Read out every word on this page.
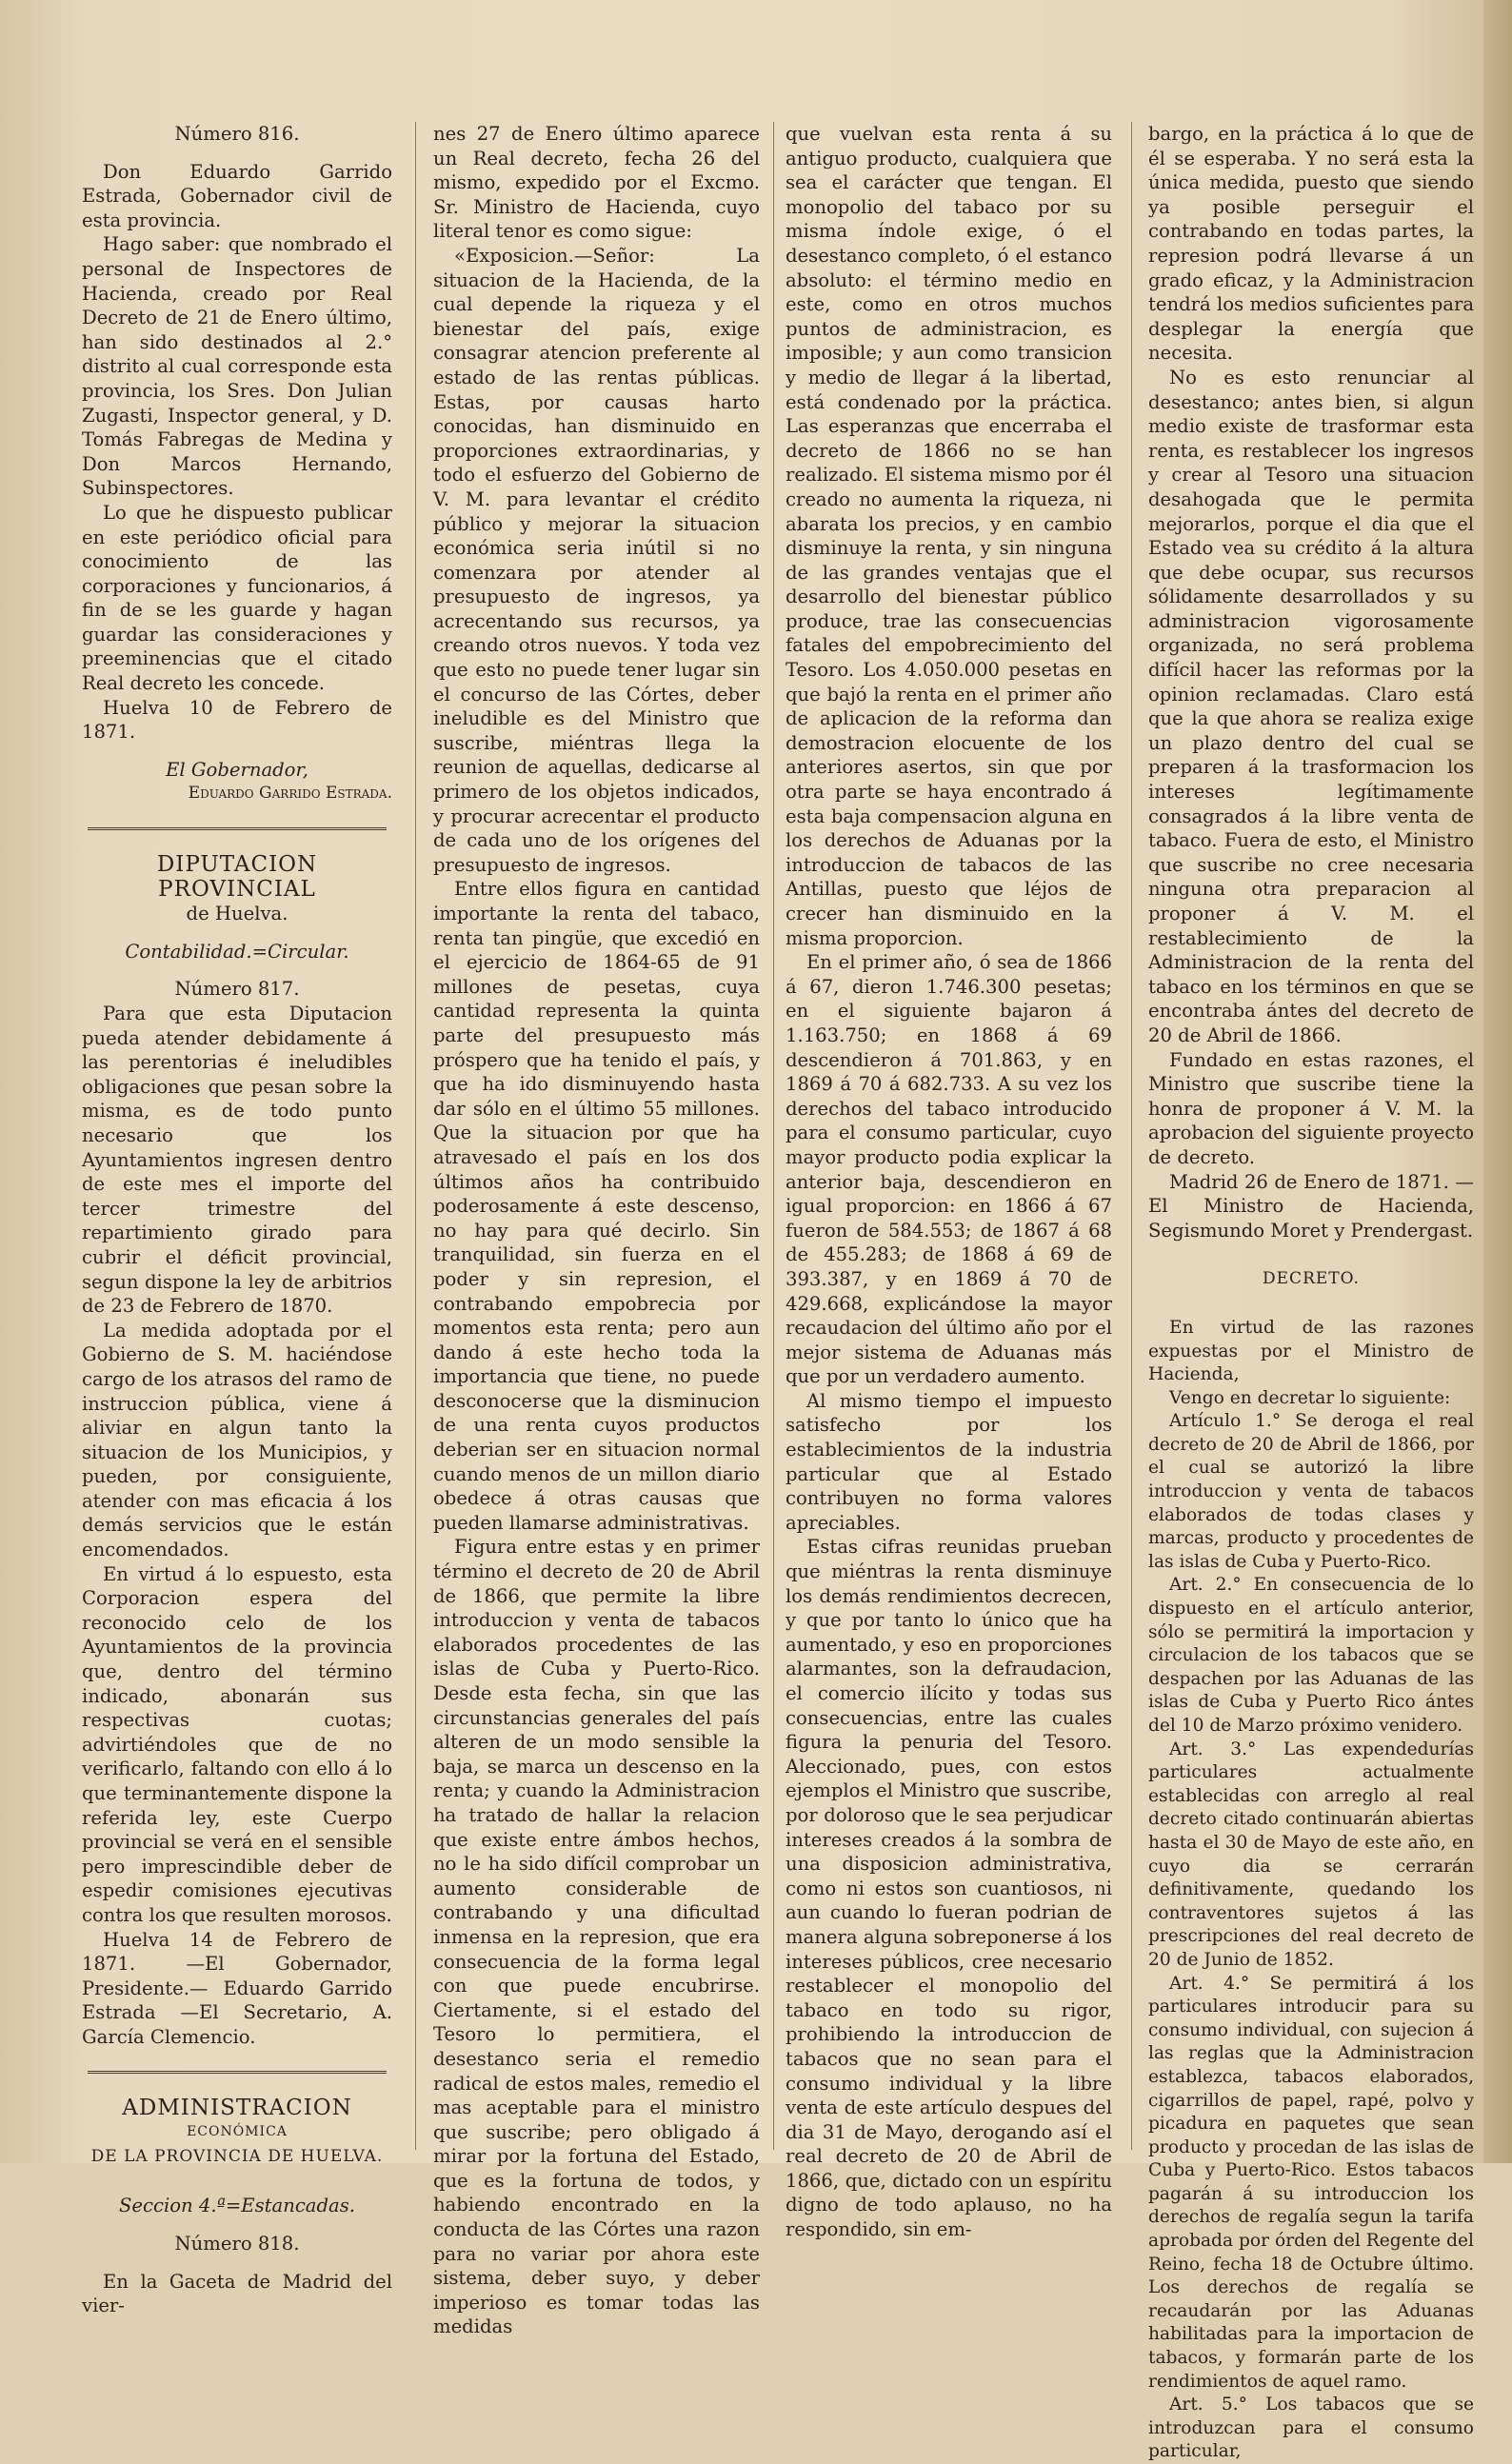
Número 816.

Don Eduardo Garrido Estrada, Gobernador civil de esta provincia.

Hago saber: que nombrado el personal de Inspectores de Hacienda, creado por Real Decreto de 21 de Enero último, han sido destinados al 2.° distrito al cual corresponde esta provincia, los Sres. Don Julian Zugasti, Inspector general, y D. Tomás Fabregas de Medina y Don Marcos Hernando, Subinspectores.

Lo que he dispuesto publicar en este periódico oficial para conocimiento de las corporaciones y funcionarios, á fin de se les guarde y hagan guardar las consideraciones y preeminencias que el citado Real decreto les concede.

Huelva 10 de Febrero de 1871.

El Gobernador,

Eduardo Garrido Estrada.

DIPUTACION PROVINCIAL

de Huelva.

Contabilidad.=Circular.

Número 817.

Para que esta Diputacion pueda atender debidamente á las perentorias é ineludibles obligaciones que pesan sobre la misma, es de todo punto necesario que los Ayuntamientos ingresen dentro de este mes el importe del tercer trimestre del repartimiento girado para cubrir el déficit provincial, segun dispone la ley de arbitrios de 23 de Febrero de 1870.

La medida adoptada por el Gobierno de S. M. haciéndose cargo de los atrasos del ramo de instruccion pública, viene á aliviar en algun tanto la situacion de los Municipios, y pueden, por consiguiente, atender con mas eficacia á los demás servicios que le están encomendados.

En virtud á lo espuesto, esta Corporacion espera del reconocido celo de los Ayuntamientos de la provincia que, dentro del término indicado, abonarán sus respectivas cuotas; advirtiéndoles que de no verificarlo, faltando con ello á lo que terminantemente dispone la referida ley, este Cuerpo provincial se verá en el sensible pero imprescindible deber de espedir comisiones ejecutivas contra los que resulten morosos.

Huelva 14 de Febrero de 1871. —El Gobernador, Presidente.— Eduardo Garrido Estrada —El Secretario, A. García Clemencio.

ADMINISTRACION

ECONÓMICA

DE LA PROVINCIA DE HUELVA.

Seccion 4.ª=Estancadas.

Número 818.

En la Gaceta de Madrid del vier-

nes 27 de Enero último aparece un Real decreto, fecha 26 del mismo, expedido por el Excmo. Sr. Ministro de Hacienda, cuyo literal tenor es como sigue:

«Exposicion.—Señor: La situacion de la Hacienda, de la cual depende la riqueza y el bienestar del país, exige consagrar atencion preferente al estado de las rentas públicas. Estas, por causas harto conocidas, han disminuido en proporciones extraordinarias, y todo el esfuerzo del Gobierno de V. M. para levantar el crédito público y mejorar la situacion económica seria inútil si no comenzara por atender al presupuesto de ingresos, ya acrecentando sus recursos, ya creando otros nuevos. Y toda vez que esto no puede tener lugar sin el concurso de las Córtes, deber ineludible es del Ministro que suscribe, miéntras llega la reunion de aquellas, dedicarse al primero de los objetos indicados, y procurar acrecentar el producto de cada uno de los orígenes del presupuesto de ingresos.

Entre ellos figura en cantidad importante la renta del tabaco, renta tan pingüe, que excedió en el ejercicio de 1864-65 de 91 millones de pesetas, cuya cantidad representa la quinta parte del presupuesto más próspero que ha tenido el país, y que ha ido disminuyendo hasta dar sólo en el último 55 millones. Que la situacion por que ha atravesado el país en los dos últimos años ha contribuido poderosamente á este descenso, no hay para qué decirlo. Sin tranquilidad, sin fuerza en el poder y sin represion, el contrabando empobrecia por momentos esta renta; pero aun dando á este hecho toda la importancia que tiene, no puede desconocerse que la disminucion de una renta cuyos productos deberian ser en situacion normal cuando menos de un millon diario obedece á otras causas que pueden llamarse administrativas.

Figura entre estas y en primer término el decreto de 20 de Abril de 1866, que permite la libre introduccion y venta de tabacos elaborados procedentes de las islas de Cuba y Puerto-Rico. Desde esta fecha, sin que las circunstancias generales del país alteren de un modo sensible la baja, se marca un descenso en la renta; y cuando la Administracion ha tratado de hallar la relacion que existe entre ámbos hechos, no le ha sido difícil comprobar un aumento considerable de contrabando y una dificultad inmensa en la represion, que era consecuencia de la forma legal con que puede encubrirse. Ciertamente, si el estado del Tesoro lo permitiera, el desestanco seria el remedio radical de estos males, remedio el mas aceptable para el ministro que suscribe; pero obligado á mirar por la fortuna del Estado, que es la fortuna de todos, y habiendo encontrado en la conducta de las Córtes una razon para no variar por ahora este sistema, deber suyo, y deber imperioso es tomar todas las medidas

que vuelvan esta renta á su antiguo producto, cualquiera que sea el carácter que tengan. El monopolio del tabaco por su misma índole exige, ó el desestanco completo, ó el estanco absoluto: el término medio en este, como en otros muchos puntos de administracion, es imposible; y aun como transicion y medio de llegar á la libertad, está condenado por la práctica. Las esperanzas que encerraba el decreto de 1866 no se han realizado. El sistema mismo por él creado no aumenta la riqueza, ni abarata los precios, y en cambio disminuye la renta, y sin ninguna de las grandes ventajas que el desarrollo del bienestar público produce, trae las consecuencias fatales del empobrecimiento del Tesoro. Los 4.050.000 pesetas en que bajó la renta en el primer año de aplicacion de la reforma dan demostracion elocuente de los anteriores asertos, sin que por otra parte se haya encontrado á esta baja compensacion alguna en los derechos de Aduanas por la introduccion de tabacos de las Antillas, puesto que léjos de crecer han disminuido en la misma proporcion.

En el primer año, ó sea de 1866 á 67, dieron 1.746.300 pesetas; en el siguiente bajaron á 1.163.750; en 1868 á 69 descendieron á 701.863, y en 1869 á 70 á 682.733. A su vez los derechos del tabaco introducido para el consumo particular, cuyo mayor producto podia explicar la anterior baja, descendieron en igual proporcion: en 1866 á 67 fueron de 584.553; de 1867 á 68 de 455.283; de 1868 á 69 de 393.387, y en 1869 á 70 de 429.668, explicándose la mayor recaudacion del último año por el mejor sistema de Aduanas más que por un verdadero aumento.

Al mismo tiempo el impuesto satisfecho por los establecimientos de la industria particular que al Estado contribuyen no forma valores apreciables.

Estas cifras reunidas prueban que miéntras la renta disminuye los demás rendimientos decrecen, y que por tanto lo único que ha aumentado, y eso en proporciones alarmantes, son la defraudacion, el comercio ilícito y todas sus consecuencias, entre las cuales figura la penuria del Tesoro. Aleccionado, pues, con estos ejemplos el Ministro que suscribe, por doloroso que le sea perjudicar intereses creados á la sombra de una disposicion administrativa, como ni estos son cuantiosos, ni aun cuando lo fueran podrian de manera alguna sobreponerse á los intereses públicos, cree necesario restablecer el monopolio del tabaco en todo su rigor, prohibiendo la introduccion de tabacos que no sean para el consumo individual y la libre venta de este artículo despues del dia 31 de Mayo, derogando así el real decreto de 20 de Abril de 1866, que, dictado con un espíritu digno de todo aplauso, no ha respondido, sin em-

bargo, en la práctica á lo que de él se esperaba. Y no será esta la única medida, puesto que siendo ya posible perseguir el contrabando en todas partes, la represion podrá llevarse á un grado eficaz, y la Administracion tendrá los medios suficientes para desplegar la energía que necesita.

No es esto renunciar al desestanco; antes bien, si algun medio existe de trasformar esta renta, es restablecer los ingresos y crear al Tesoro una situacion desahogada que le permita mejorarlos, porque el dia que el Estado vea su crédito á la altura que debe ocupar, sus recursos sólidamente desarrollados y su administracion vigorosamente organizada, no será problema difícil hacer las reformas por la opinion reclamadas. Claro está que la que ahora se realiza exige un plazo dentro del cual se preparen á la trasformacion los intereses legítimamente consagrados á la libre venta de tabaco. Fuera de esto, el Ministro que suscribe no cree necesaria ninguna otra preparacion al proponer á V. M. el restablecimiento de la Administracion de la renta del tabaco en los términos en que se encontraba ántes del decreto de 20 de Abril de 1866.

Fundado en estas razones, el Ministro que suscribe tiene la honra de proponer á V. M. la aprobacion del siguiente proyecto de decreto.

Madrid 26 de Enero de 1871. —El Ministro de Hacienda, Segismundo Moret y Prendergast.

DECRETO.

En virtud de las razones expuestas por el Ministro de Hacienda,

Vengo en decretar lo siguiente:

Artículo 1.° Se deroga el real decreto de 20 de Abril de 1866, por el cual se autorizó la libre introduccion y venta de tabacos elaborados de todas clases y marcas, producto y procedentes de las islas de Cuba y Puerto-Rico.

Art. 2.° En consecuencia de lo dispuesto en el artículo anterior, sólo se permitirá la importacion y circulacion de los tabacos que se despachen por las Aduanas de las islas de Cuba y Puerto Rico ántes del 10 de Marzo próximo venidero.

Art. 3.° Las expendedurías particulares actualmente establecidas con arreglo al real decreto citado continuarán abiertas hasta el 30 de Mayo de este año, en cuyo dia se cerrarán definitivamente, quedando los contraventores sujetos á las prescripciones del real decreto de 20 de Junio de 1852.

Art. 4.° Se permitirá á los particulares introducir para su consumo individual, con sujecion á las reglas que la Administracion establezca, tabacos elaborados, cigarrillos de papel, rapé, polvo y picadura en paquetes que sean producto y procedan de las islas de Cuba y Puerto-Rico. Estos tabacos pagarán á su introduccion los derechos de regalía segun la tarifa aprobada por órden del Regente del Reino, fecha 18 de Octubre último. Los derechos de regalía se recaudarán por las Aduanas habilitadas para la importacion de tabacos, y formarán parte de los rendimientos de aquel ramo.

Art. 5.° Los tabacos que se introduzcan para el consumo particular,
